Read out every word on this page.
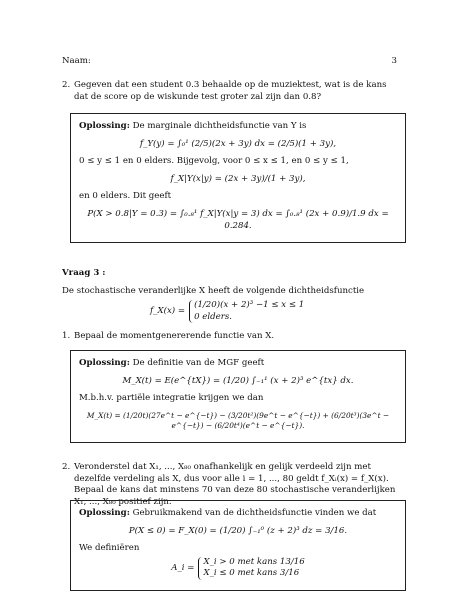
Naam:	3
2. Gegeven dat een student 0.3 behaalde op de muziektest, wat is de kans dat de score op de wiskunde test groter zal zijn dan 0.8?
Oplossing: De marginale dichtheidsfunctie van Y is
f_Y(y) = ∫₀¹ (2/5)(2x + 3y) dx = (2/5)(1 + 3y),
0 ≤ y ≤ 1 en 0 elders. Bijgevolg, voor 0 ≤ x ≤ 1, en 0 ≤ y ≤ 1,
f_X|Y(x|y) = (2x + 3y)/(1 + 3y),
en 0 elders. Dit geeft
P(X > 0.8|Y = 0.3) = ∫₀.₈¹ f_X|Y(x|y = 3) dx = ∫₀.₈¹ (2x + 0.9)/1.9 dx = 0.284.
Vraag 3 :
De stochastische veranderlijke X heeft de volgende dichtheidsfunctie
f_X(x) =
(1/20)(x + 2)³ −1 ≤ x ≤ 1
0 elders.
1. Bepaal de momentgenererende functie van X.
Oplossing: De definitie van de MGF geeft
M_X(t) = E(e^{tX}) = (1/20) ∫₋₁¹ (x + 2)³ e^{tx} dx.
M.b.h.v. partiële integratie krijgen we dan
M_X(t) = (1/20t)(27e^t − e^{−t}) − (3/20t²)(9e^t − e^{−t}) + (6/20t³)(3e^t − e^{−t}) − (6/20t⁴)(e^t − e^{−t}).
2. Veronderstel dat X₁, ..., X₈₀ onafhankelijk en gelijk verdeeld zijn met dezelfde verdeling als X, dus voor alle i = 1, ..., 80 geldt f_Xᵢ(x) = f_X(x). Bepaal de kans dat minstens 70 van deze 80 stochastische veranderlijken X₁, ..., X₈₀ positief zijn.
Oplossing: Gebruikmakend van de dichtheidsfunctie vinden we dat
P(X ≤ 0) = F_X(0) = (1/20) ∫₋₁⁰ (z + 2)³ dz = 3/16.
We definiëren
A_i =
X_i > 0 met kans 13/16
X_i ≤ 0 met kans 3/16
